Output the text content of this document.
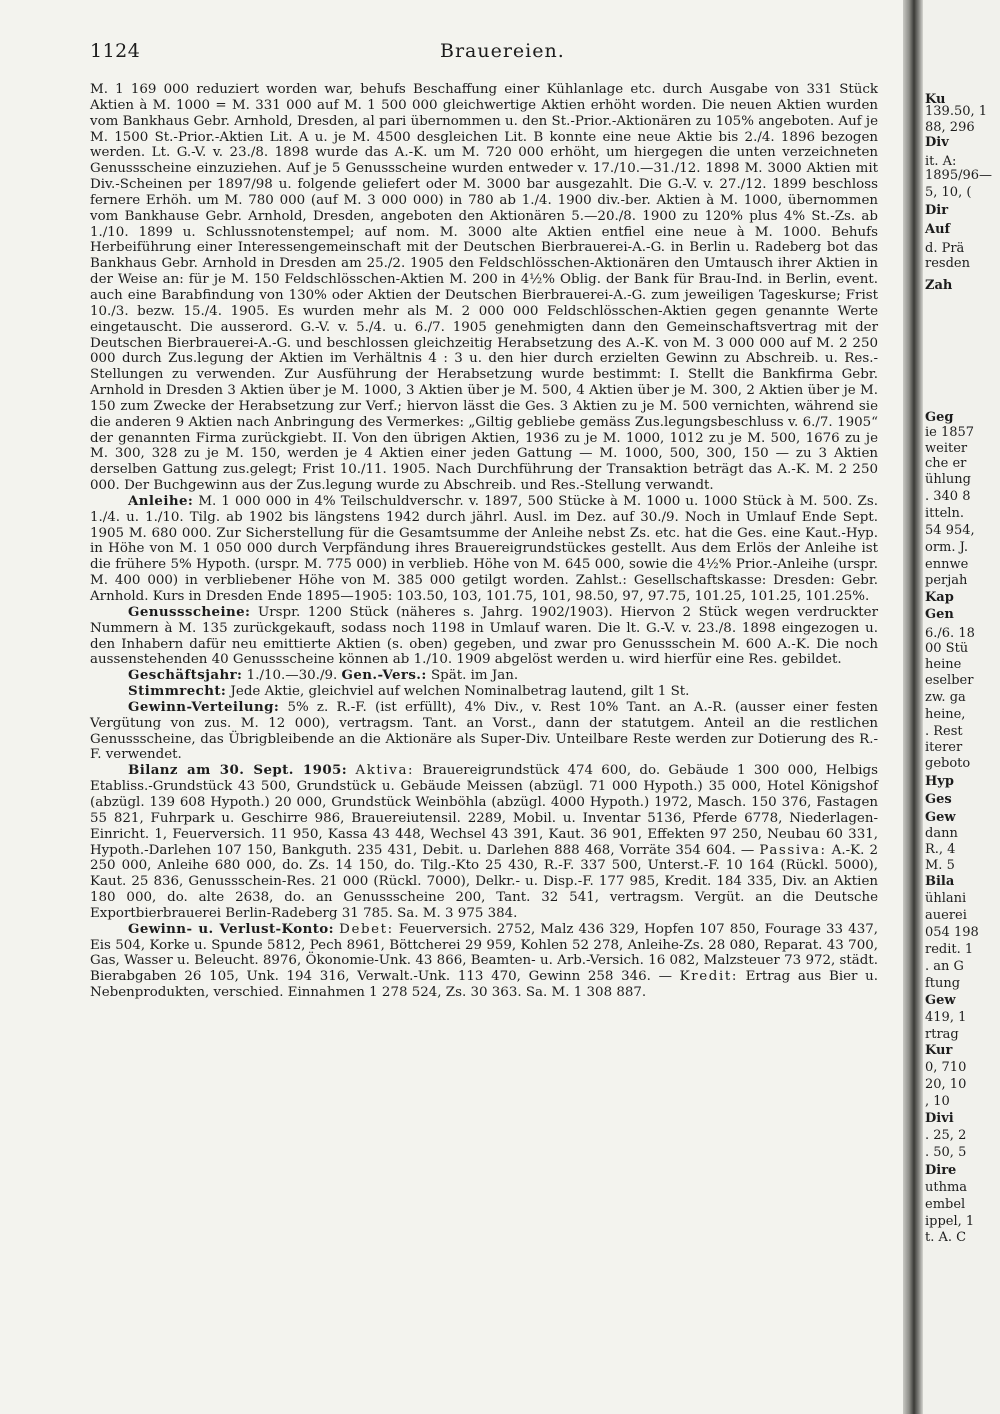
1124	Brauereien.

M. 1 169 000 reduziert worden war, behufs Beschaffung einer Kühlanlage etc. durch Ausgabe von 331 Stück Aktien à M. 1000 = M. 331 000 auf M. 1 500 000 gleichwertige Aktien erhöht worden. Die neuen Aktien wurden vom Bankhaus Gebr. Arnhold, Dresden, al pari übernommen u. den St.-Prior.-Aktionären zu 105% angeboten. Auf je M. 1500 St.-Prior.-Aktien Lit. A u. je M. 4500 desgleichen Lit. B konnte eine neue Aktie bis 2./4. 1896 bezogen werden. Lt. G.-V. v. 23./8. 1898 wurde das A.-K. um M. 720 000 erhöht, um hiergegen die unten verzeichneten Genussscheine einzuziehen. Auf je 5 Genussscheine wurden entweder v. 17./10.—31./12. 1898 M. 3000 Aktien mit Div.-Scheinen per 1897/98 u. folgende geliefert oder M. 3000 bar ausgezahlt. Die G.-V. v. 27./12. 1899 beschloss fernere Erhöh. um M. 780 000 (auf M. 3 000 000) in 780 ab 1./4. 1900 div.-ber. Aktien à M. 1000, übernommen vom Bankhause Gebr. Arnhold, Dresden, angeboten den Aktionären 5.—20./8. 1900 zu 120% plus 4% St.-Zs. ab 1./10. 1899 u. Schlussnotenstempel; auf nom. M. 3000 alte Aktien entfiel eine neue à M. 1000. Behufs Herbeiführung einer Interessengemeinschaft mit der Deutschen Bierbrauerei-A.-G. in Berlin u. Radeberg bot das Bankhaus Gebr. Arnhold in Dresden am 25./2. 1905 den Feldschlösschen-Aktionären den Umtausch ihrer Aktien in der Weise an: für je M. 150 Feldschlösschen-Aktien M. 200 in 4½% Oblig. der Bank für Brau-Ind. in Berlin, event. auch eine Barabfindung von 130% oder Aktien der Deutschen Bierbrauerei-A.-G. zum jeweiligen Tageskurse; Frist 10./3. bezw. 15./4. 1905. Es wurden mehr als M. 2 000 000 Feldschlösschen-Aktien gegen genannte Werte eingetauscht. Die ausserord. G.-V. v. 5./4. u. 6./7. 1905 genehmigten dann den Gemeinschaftsvertrag mit der Deutschen Bierbrauerei-A.-G. und beschlossen gleichzeitig Herabsetzung des A.-K. von M. 3 000 000 auf M. 2 250 000 durch Zus.legung der Aktien im Verhältnis 4 : 3 u. den hier durch erzielten Gewinn zu Abschreib. u. Res.-Stellungen zu verwenden. Zur Ausführung der Herabsetzung wurde bestimmt: I. Stellt die Bankfirma Gebr. Arnhold in Dresden 3 Aktien über je M. 1000, 3 Aktien über je M. 500, 4 Aktien über je M. 300, 2 Aktien über je M. 150 zum Zwecke der Herabsetzung zur Verf.; hiervon lässt die Ges. 3 Aktien zu je M. 500 vernichten, während sie die anderen 9 Aktien nach Anbringung des Vermerkes: „Giltig gebliebe gemäss Zus.legungsbeschluss v. 6./7. 1905“ der genannten Firma zurückgiebt. II. Von den übrigen Aktien, 1936 zu je M. 1000, 1012 zu je M. 500, 1676 zu je M. 300, 328 zu je M. 150, werden je 4 Aktien einer jeden Gattung — M. 1000, 500, 300, 150 — zu 3 Aktien derselben Gattung zus.gelegt; Frist 10./11. 1905. Nach Durchführung der Transaktion beträgt das A.-K. M. 2 250 000. Der Buchgewinn aus der Zus.legung wurde zu Abschreib. und Res.-Stellung verwandt.

Anleihe: M. 1 000 000 in 4% Teilschuldverschr. v. 1897, 500 Stücke à M. 1000 u. 1000 Stück à M. 500. Zs. 1./4. u. 1./10. Tilg. ab 1902 bis längstens 1942 durch jährl. Ausl. im Dez. auf 30./9. Noch in Umlauf Ende Sept. 1905 M. 680 000. Zur Sicherstellung für die Gesamtsumme der Anleihe nebst Zs. etc. hat die Ges. eine Kaut.-Hyp. in Höhe von M. 1 050 000 durch Verpfändung ihres Brauereigrundstückes gestellt. Aus dem Erlös der Anleihe ist die frühere 5% Hypoth. (urspr. M. 775 000) in verblieb. Höhe von M. 645 000, sowie die 4½% Prior.-Anleihe (urspr. M. 400 000) in verbliebener Höhe von M. 385 000 getilgt worden. Zahlst.: Gesellschaftskasse: Dresden: Gebr. Arnhold. Kurs in Dresden Ende 1895—1905: 103.50, 103, 101.75, 101, 98.50, 97, 97.75, 101.25, 101.25, 101.25%.

Genussscheine: Urspr. 1200 Stück (näheres s. Jahrg. 1902/1903). Hiervon 2 Stück wegen verdruckter Nummern à M. 135 zurückgekauft, sodass noch 1198 in Umlauf waren. Die lt. G.-V. v. 23./8. 1898 eingezogen u. den Inhabern dafür neu emittierte Aktien (s. oben) gegeben, und zwar pro Genussschein M. 600 A.-K. Die noch aussenstehenden 40 Genussscheine können ab 1./10. 1909 abgelöst werden u. wird hierfür eine Res. gebildet.

Geschäftsjahr: 1./10.—30./9. Gen.-Vers.: Spät. im Jan.

Stimmrecht: Jede Aktie, gleichviel auf welchen Nominalbetrag lautend, gilt 1 St.

Gewinn-Verteilung: 5% z. R.-F. (ist erfüllt), 4% Div., v. Rest 10% Tant. an A.-R. (ausser einer festen Vergütung von zus. M. 12 000), vertragsm. Tant. an Vorst., dann der statutgem. Anteil an die restlichen Genussscheine, das Übrigbleibende an die Aktionäre als Super-Div. Unteilbare Reste werden zur Dotierung des R.-F. verwendet.

Bilanz am 30. Sept. 1905: Aktiva: Brauereigrundstück 474 600, do. Gebäude 1 300 000, Helbigs Etabliss.-Grundstück 43 500, Grundstück u. Gebäude Meissen (abzügl. 71 000 Hypoth.) 35 000, Hotel Königshof (abzügl. 139 608 Hypoth.) 20 000, Grundstück Weinböhla (abzügl. 4000 Hypoth.) 1972, Masch. 150 376, Fastagen 55 821, Fuhrpark u. Geschirre 986, Brauereiutensil. 2289, Mobil. u. Inventar 5136, Pferde 6778, Niederlagen-Einricht. 1, Feuerversich. 11 950, Kassa 43 448, Wechsel 43 391, Kaut. 36 901, Effekten 97 250, Neubau 60 331, Hypoth.-Darlehen 107 150, Bankguth. 235 431, Debit. u. Darlehen 888 468, Vorräte 354 604. — Passiva: A.-K. 2 250 000, Anleihe 680 000, do. Zs. 14 150, do. Tilg.-Kto 25 430, R.-F. 337 500, Unterst.-F. 10 164 (Rückl. 5000), Kaut. 25 836, Genussschein-Res. 21 000 (Rückl. 7000), Delkr.- u. Disp.-F. 177 985, Kredit. 184 335, Div. an Aktien 180 000, do. alte 2638, do. an Genussscheine 200, Tant. 32 541, vertragsm. Vergüt. an die Deutsche Exportbierbrauerei Berlin-Radeberg 31 785. Sa. M. 3 975 384.

Gewinn- u. Verlust-Konto: Debet: Feuerversich. 2752, Malz 436 329, Hopfen 107 850, Fourage 33 437, Eis 504, Korke u. Spunde 5812, Pech 8961, Böttcherei 29 959, Kohlen 52 278, Anleihe-Zs. 28 080, Reparat. 43 700, Gas, Wasser u. Beleucht. 8976, Ökonomie-Unk. 43 866, Beamten- u. Arb.-Versich. 16 082, Malzsteuer 73 972, städt. Bierabgaben 26 105, Unk. 194 316, Verwalt.-Unk. 113 470, Gewinn 258 346. — Kredit: Ertrag aus Bier u. Nebenprodukten, verschied. Einnahmen 1 278 524, Zs. 30 363. Sa. M. 1 308 887.

Ku
139.50, 1
88, 296
Div
it. A:
1895/96—
5, 10, (
Dir
Auf
d. Prä
resden
Zah
Geg
ie 1857
weiter
che er
ühlung
. 340 8
itteln.
54 954,
orm. J.
ennwe
perjah
Kap
Gen
6./6. 18
00 Stü
heine
eselber
zw. ga
heine,
. Rest
iterer
geboto
Hyp
Ges
Gew
dann
R., 4
M. 5
Bila
ühlani
auerei
054 198
redit. 1
. an G
ftung
Gew
419, 1
rtrag
Kur
0, 710
20, 10
, 10
Divi
. 25, 2
. 50, 5
Dire
uthma
embel
ippel, 1
t. A. C
